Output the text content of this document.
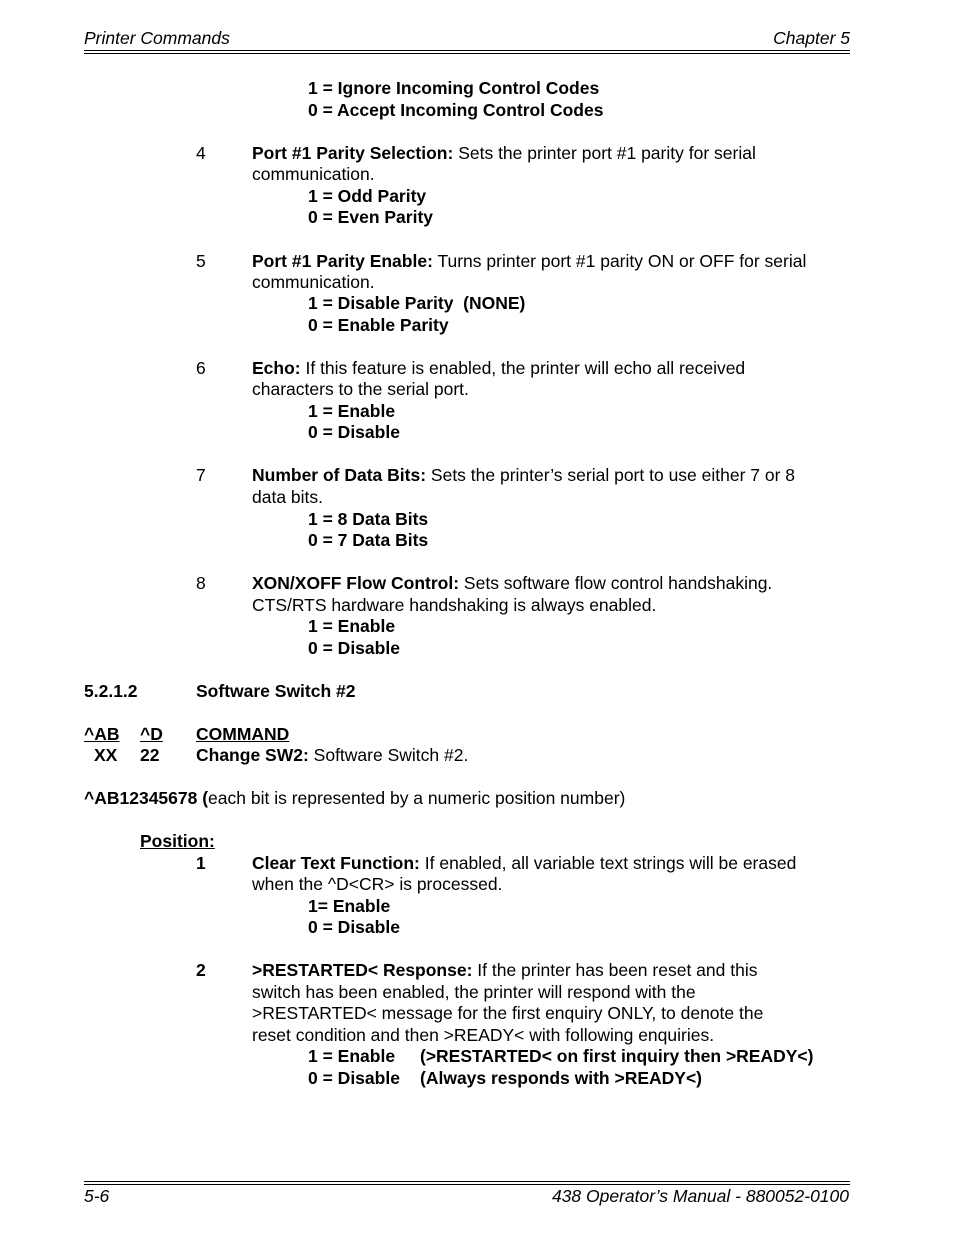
Printer Commands	Chapter 5
1 = Ignore Incoming Control Codes
0 = Accept Incoming Control Codes
4	Port #1 Parity Selection: Sets the printer port #1 parity for serial
communication.
1 = Odd Parity
0 = Even Parity
5	Port #1 Parity Enable: Turns printer port #1 parity ON or OFF for serial
communication.
1 = Disable Parity  (NONE)
0 = Enable Parity
6	Echo: If this feature is enabled, the printer will echo all received
characters to the serial port.
1 = Enable
0 = Disable
7	Number of Data Bits: Sets the printer’s serial port to use either 7 or 8
data bits.
1 = 8 Data Bits
0 = 7 Data Bits
8	XON/XOFF Flow Control: Sets software flow control handshaking.
CTS/RTS hardware handshaking is always enabled.
1 = Enable
0 = Disable
5.2.1.2	Software Switch #2
^AB ^D COMMAND
XX 22 Change SW2: Software Switch #2.
^AB12345678 (each bit is represented by a numeric position number)
Position:
1	Clear Text Function: If enabled, all variable text strings will be erased
when the ^D<CR> is processed.
1= Enable
0 = Disable
2	>RESTARTED< Response: If the printer has been reset and this
switch has been enabled, the printer will respond with the
>RESTARTED< message for the first enquiry ONLY, to denote the
reset condition and then >READY< with following enquiries.
1 = Enable (>RESTARTED< on first inquiry then >READY<)
0 = Disable (Always responds with >READY<)
5-6	438 Operator’s Manual - 880052-0100
